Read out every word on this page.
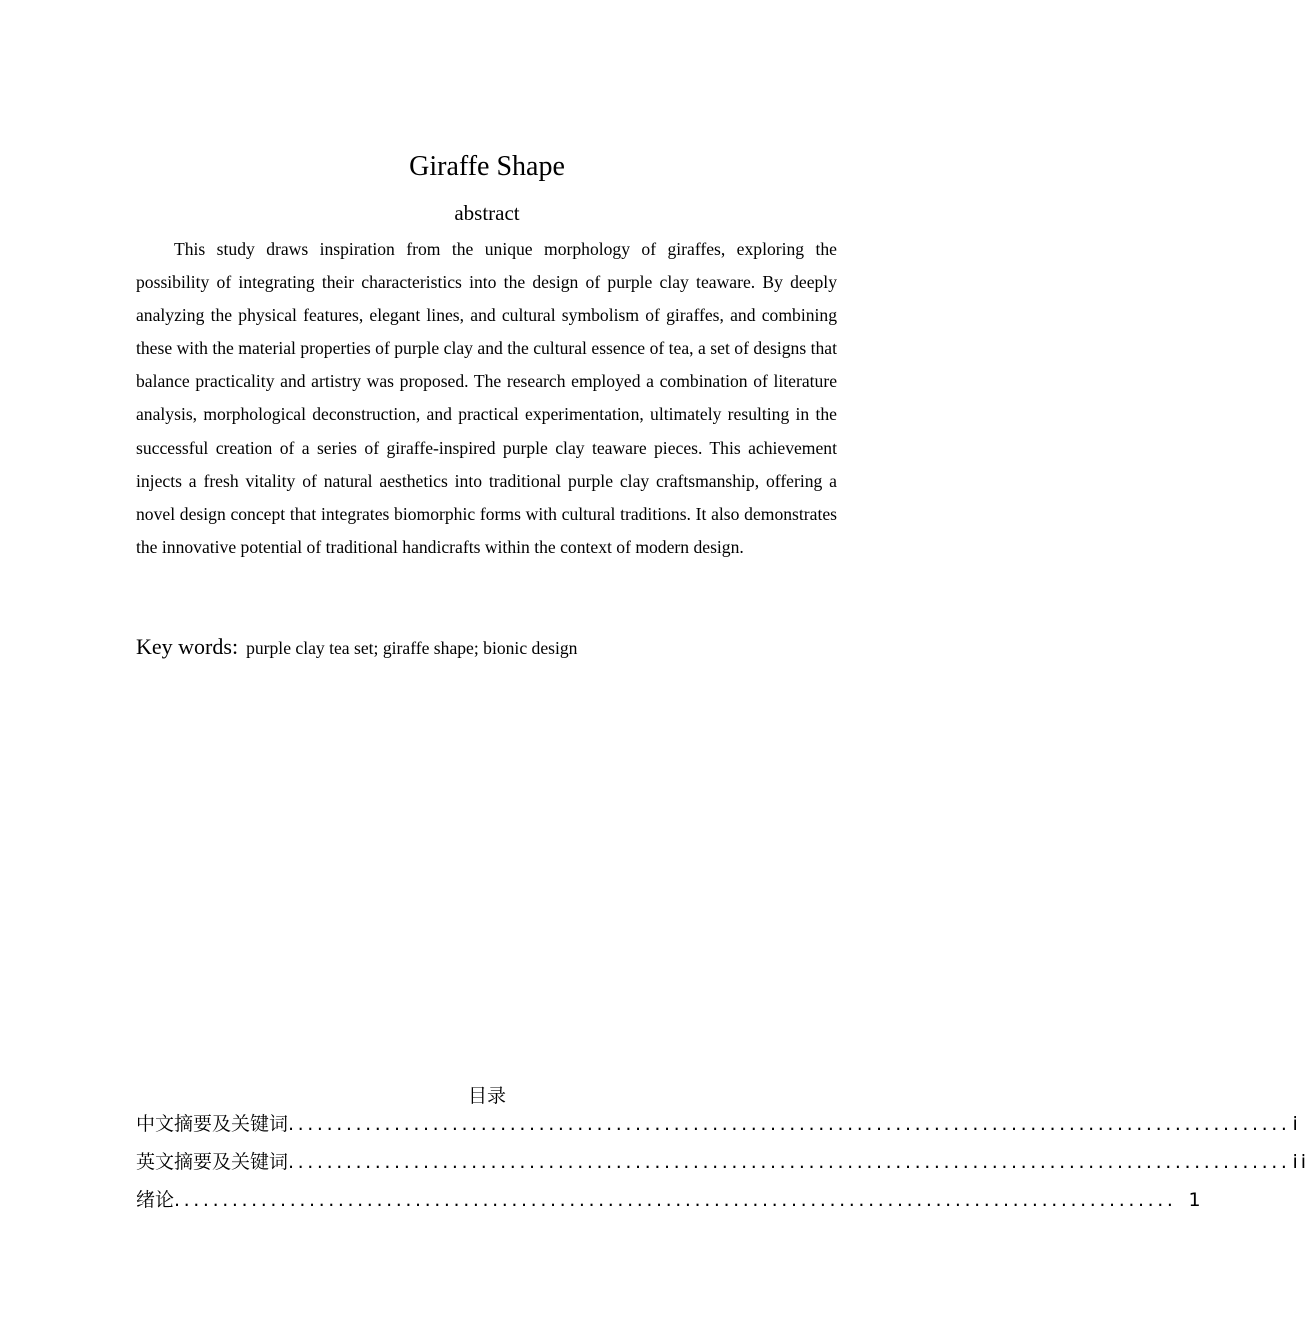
Giraffe Shape
abstract

This study draws inspiration from the unique morphology of giraffes, exploring the possibility of integrating their characteristics into the design of purple clay teaware. By deeply analyzing the physical features, elegant lines, and cultural symbolism of giraffes, and combining these with the material properties of purple clay and the cultural essence of tea, a set of designs that balance practicality and artistry was proposed. The research employed a combination of literature analysis, morphological deconstruction, and practical experimentation, ultimately resulting in the successful creation of a series of giraffe-inspired purple clay teaware pieces. This achievement injects a fresh vitality of natural aesthetics into traditional purple clay craftsmanship, offering a novel design concept that integrates biomorphic forms with cultural traditions. It also demonstrates the innovative potential of traditional handicrafts within the context of modern design.

Key words: purple clay tea set; giraffe shape; bionic design
目录
中文摘要及关键词 ........................................................................................................ i
英文摘要及关键词 ........................................................................................................ ii
绪论 ........................................................................................................ 1
